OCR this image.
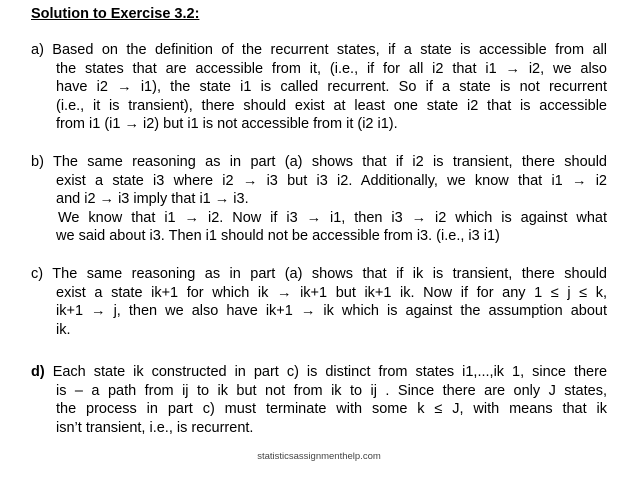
Solution to Exercise 3.2:
a) Based on the definition of the recurrent states, if a state is accessible from all
the states that are accessible from it, (i.e., if for all i2 that i1 → i2, we also
have i2 → i1), the state i1 is called recurrent. So if a state is not recurrent
(i.e., it is transient), there should exist at least one state i2 that is accessible
from i1 (i1 → i2) but i1 is not accessible from it (i2 i1).
b) The same reasoning as in part (a) shows that if i2 is transient, there should
exist a state i3 where i2 → i3 but i3 i2. Additionally, we know that i1 → i2
and i2 → i3 imply that i1 → i3.
We know that i1 → i2. Now if i3 → i1, then i3 → i2 which is against what
we said about i3. Then i1 should not be accessible from i3. (i.e., i3 i1)
c) The same reasoning as in part (a) shows that if ik is transient, there should
exist a state ik+1 for which ik → ik+1 but ik+1 ik. Now if for any 1 ≤ j ≤ k,
ik+1 → j, then we also have ik+1 → ik which is against the assumption about
ik.
d) Each state ik constructed in part c) is distinct from states i1,...,ik 1, since there
is – a path from ij to ik but not from ik to ij . Since there are only J states,
the process in part c) must terminate with some k ≤ J, with means that ik
isn’t transient, i.e., is recurrent.
statisticsassignmenthelp.com
